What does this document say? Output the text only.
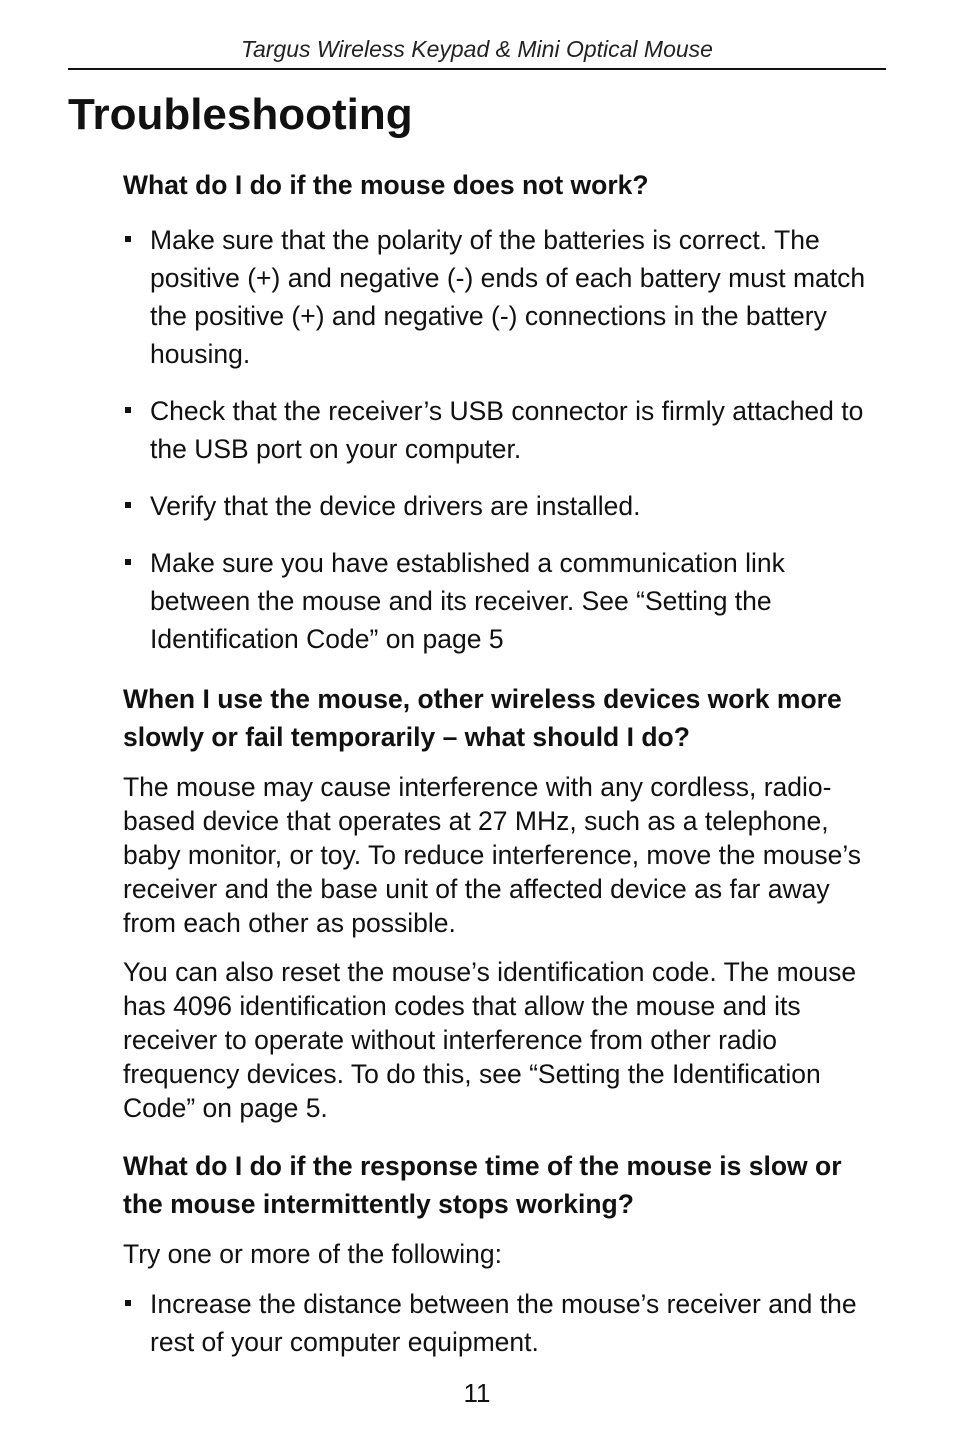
Targus Wireless Keypad & Mini Optical Mouse
Troubleshooting
What do I do if the mouse does not work?
Make sure that the polarity of the batteries is correct. The positive (+) and negative (-) ends of each battery must match the positive (+) and negative (-) connections in the battery housing.
Check that the receiver’s USB connector is firmly attached to the USB port on your computer.
Verify that the device drivers are installed.
Make sure you have established a communication link between the mouse and its receiver. See “Setting the Identification Code” on page 5
When I use the mouse, other wireless devices work more slowly or fail temporarily – what should I do?

The mouse may cause interference with any cordless, radio-based device that operates at 27 MHz, such as a telephone, baby monitor, or toy. To reduce interference, move the mouse’s receiver and the base unit of the affected device as far away from each other as possible.

You can also reset the mouse’s identification code. The mouse has 4096 identification codes that allow the mouse and its receiver to operate without interference from other radio frequency devices. To do this, see “Setting the Identification Code” on page 5.

What do I do if the response time of the mouse is slow or the mouse intermittently stops working?

Try one or more of the following:

Increase the distance between the mouse’s receiver and the rest of your computer equipment.
11
